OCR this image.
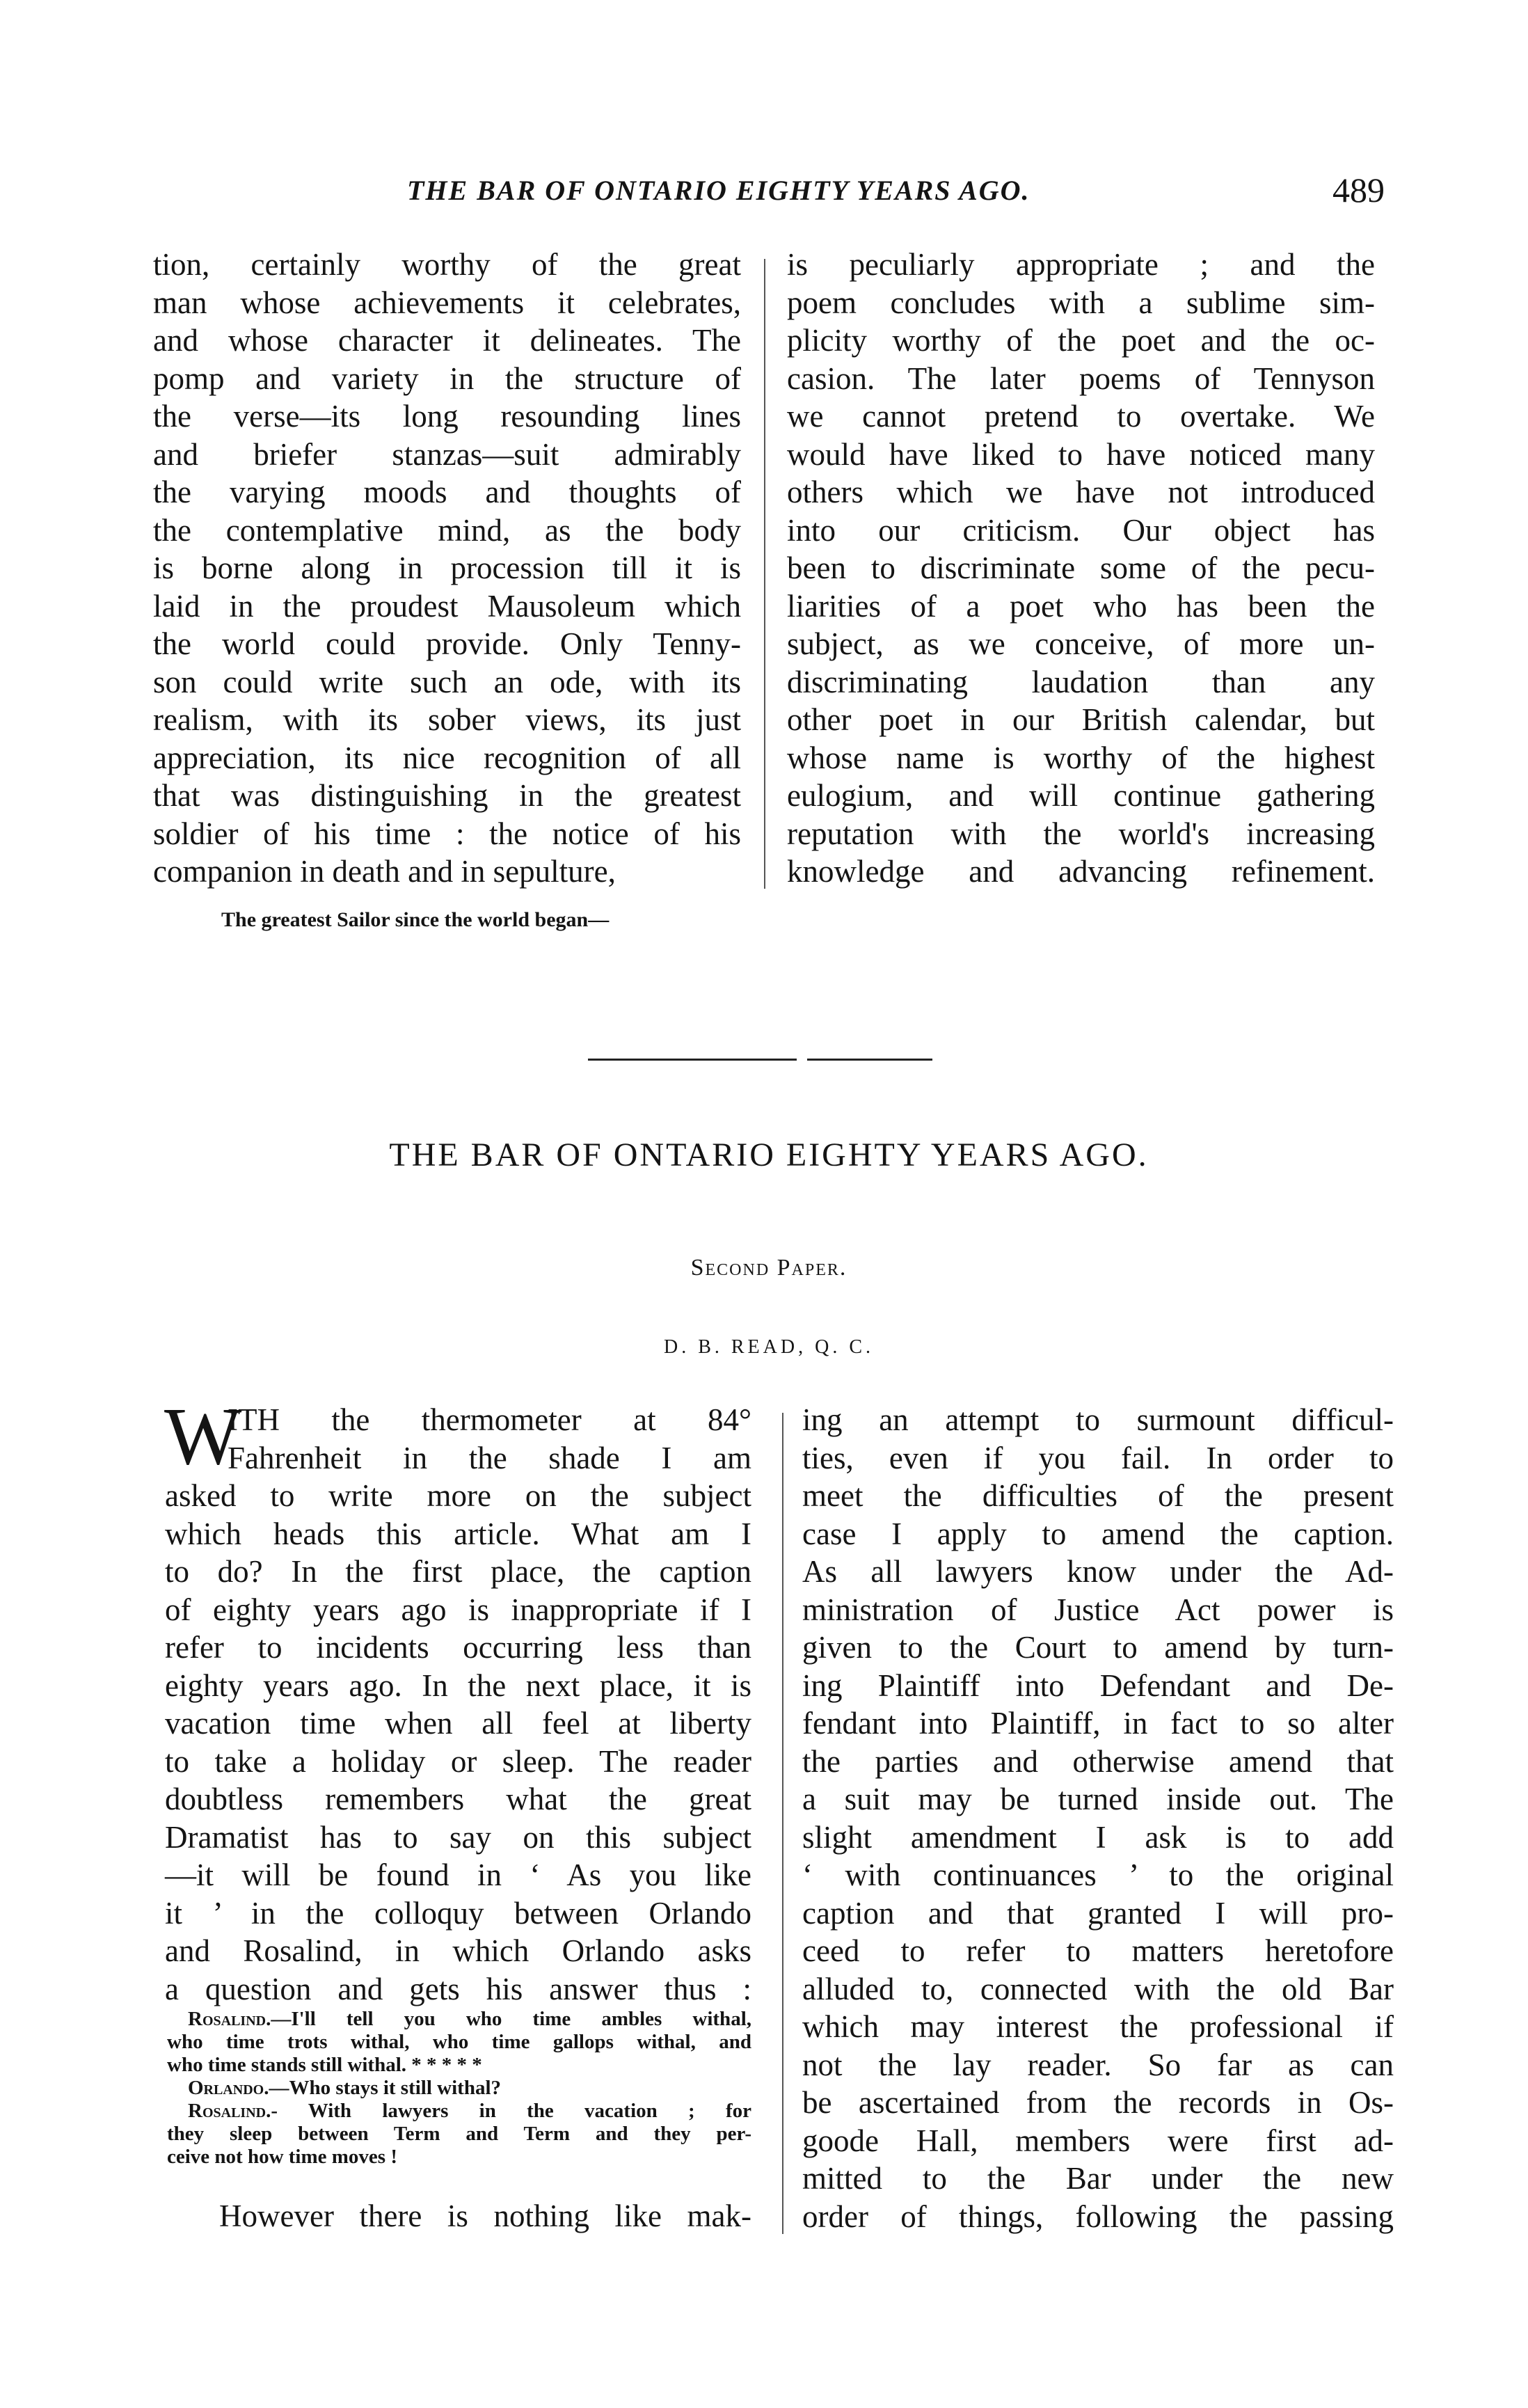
THE BAR OF ONTARIO EIGHTY YEARS AGO.	489
tion, certainly worthy of the great
man whose achievements it celebrates,
and whose character it delineates. The
pomp and variety in the structure of
the verse—its long resounding lines
and briefer stanzas—suit admirably
the varying moods and thoughts of
the contemplative mind, as the body
is borne along in procession till it is
laid in the proudest Mausoleum which
the world could provide. Only Tenny-
son could write such an ode, with its
realism, with its sober views, its just
appreciation, its nice recognition of all
that was distinguishing in the greatest
soldier of his time : the notice of his
companion in death and in sepulture,
is peculiarly appropriate ; and the
poem concludes with a sublime sim-
plicity worthy of the poet and the oc-
casion. The later poems of Tennyson
we cannot pretend to overtake. We
would have liked to have noticed many
others which we have not introduced
into our criticism. Our object has
been to discriminate some of the pecu-
liarities of a poet who has been the
subject, as we conceive, of more un-
discriminating laudation than any
other poet in our British calendar, but
whose name is worthy of the highest
eulogium, and will continue gathering
reputation with the world's increasing
knowledge and advancing refinement.
The greatest Sailor since the world began—
THE BAR OF ONTARIO EIGHTY YEARS AGO.
Second Paper.
D. B. READ, Q. C.
W
ITH the thermometer at 84°
Fahrenheit in the shade I am
asked to write more on the subject
which heads this article. What am I
to do? In the first place, the caption
of eighty years ago is inappropriate if I
refer to incidents occurring less than
eighty years ago. In the next place, it is
vacation time when all feel at liberty
to take a holiday or sleep. The reader
doubtless remembers what the great
Dramatist has to say on this subject
—it will be found in ‘ As you like
it ’ in the colloquy between Orlando
and Rosalind, in which Orlando asks
a question and gets his answer thus :
Rosalind.—I'll tell you who time ambles withal,
who time trots withal, who time gallops withal, and
who time stands still withal. * * * * *
Orlando.—Who stays it still withal?
Rosalind.- With lawyers in the vacation ; for
they sleep between Term and Term and they per-
ceive not how time moves !
However there is nothing like mak-
ing an attempt to surmount difficul-
ties, even if you fail. In order to
meet the difficulties of the present
case I apply to amend the caption.
As all lawyers know under the Ad-
ministration of Justice Act power is
given to the Court to amend by turn-
ing Plaintiff into Defendant and De-
fendant into Plaintiff, in fact to so alter
the parties and otherwise amend that
a suit may be turned inside out. The
slight amendment I ask is to add
‘ with continuances ’ to the original
caption and that granted I will pro-
ceed to refer to matters heretofore
alluded to, connected with the old Bar
which may interest the professional if
not the lay reader. So far as can
be ascertained from the records in Os-
goode Hall, members were first ad-
mitted to the Bar under the new
order of things, following the passing
